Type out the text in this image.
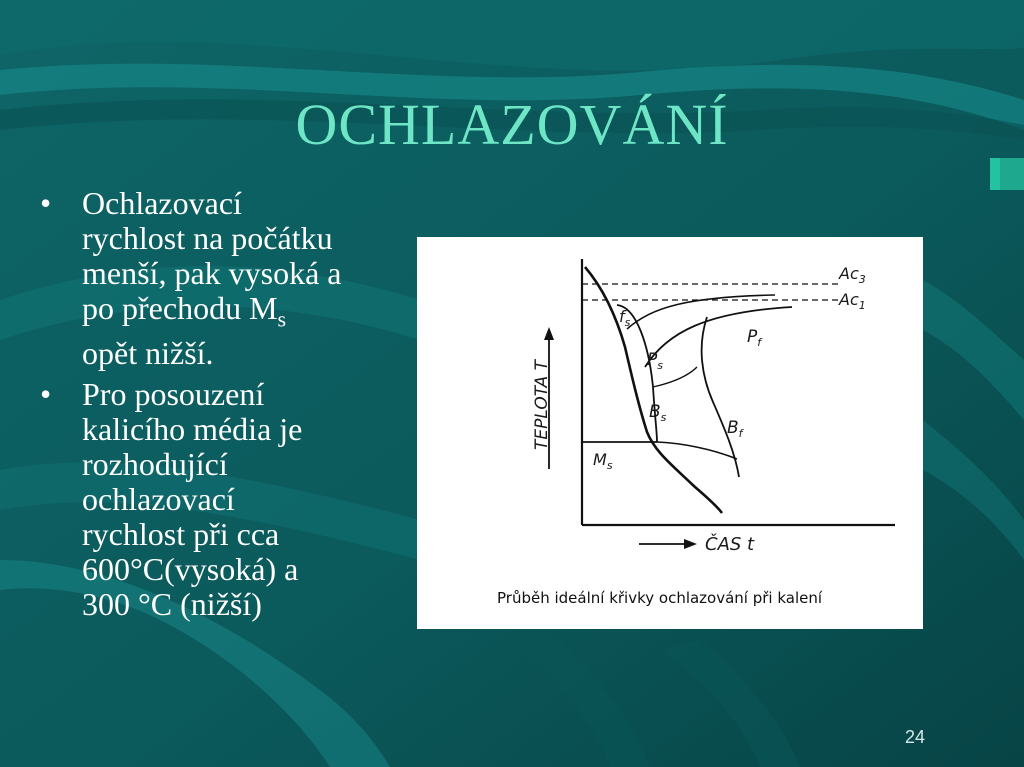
OCHLAZOVÁNÍ
• Ochlazovací
rychlost na počátku
menší, pak vysoká a
po přechodu $M_s$
opět nižší.
• Pro posouzení
kalicího média je
rozhodující
ochlazovací
rychlost při cca
600°C(vysoká) a
300 °C (nižší)
TEPLOTA T
ČAS t
$Ac_3$
$Ac_1$
$f_s$
$P_s$
$P_f$
$B_s$
$B_f$
$M_s$
Průběh ideální křivky ochlazování při kalení
24
